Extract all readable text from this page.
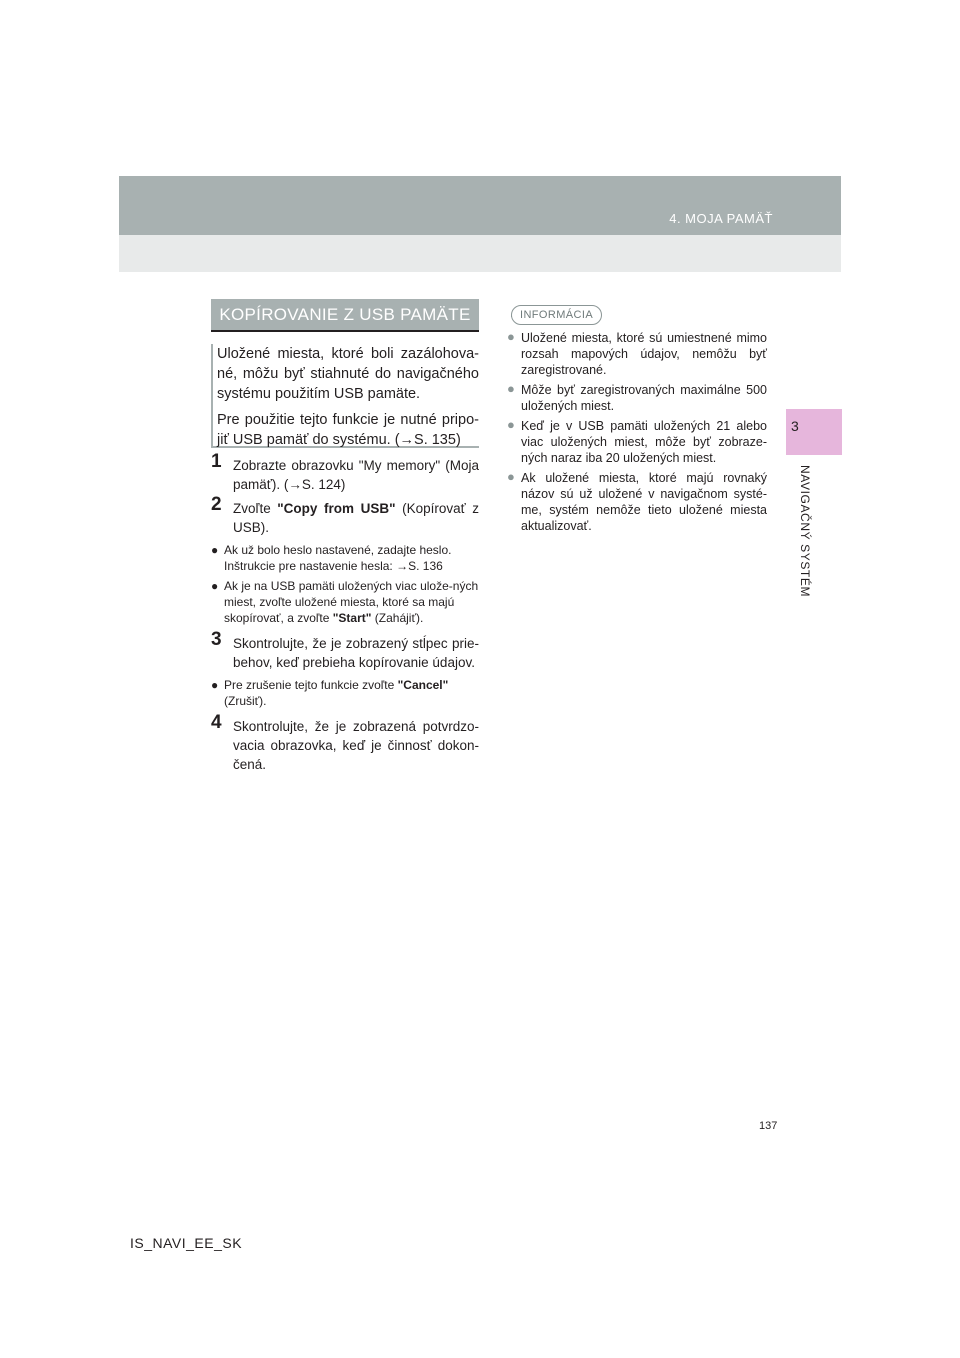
4. MOJA PAMÄŤ
3
NAVIGAČNÝ SYSTÉM
KOPÍROVANIE Z USB PAMÄTE

Uložené miesta, ktoré boli zazálohova-né, môžu byť stiahnuté do navigačného systému použitím USB pamäte.

Pre použitie tejto funkcie je nutné pripo-jiť USB pamäť do systému. (→S. 135)

1 Zobrazte obrazovku "My memory" (Moja pamäť). (→S. 124)
2 Zvoľte "Copy from USB" (Kopírovať z USB).
● Ak už bolo heslo nastavené, zadajte heslo. Inštrukcie pre nastavenie hesla: →S. 136
● Ak je na USB pamäti uložených viac ulože-ných miest, zvoľte uložené miesta, ktoré sa majú skopírovať, a zvoľte "Start" (Zahájiť).
3 Skontrolujte, že je zobrazený stĺpec prie-behov, keď prebieha kopírovanie údajov.
● Pre zrušenie tejto funkcie zvoľte "Cancel" (Zrušiť).
4 Skontrolujte, že je zobrazená potvrdzo-vacia obrazovka, keď je činnosť dokon-čená.
INFORMÁCIA
● Uložené miesta, ktoré sú umiestnené mimo rozsah mapových údajov, nemôžu byť zaregistrované.
● Môže byť zaregistrovaných maximálne 500 uložených miest.
● Keď je v USB pamäti uložených 21 alebo viac uložených miest, môže byť zobraze-ných naraz iba 20 uložených miest.
● Ak uložené miesta, ktoré majú rovnaký názov sú už uložené v navigačnom systé-me, systém nemôže tieto uložené miesta aktualizovať.
137
IS_NAVI_EE_SK
